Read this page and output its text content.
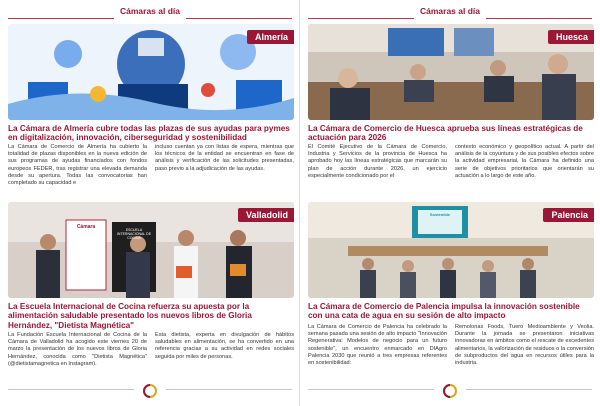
Cámaras al día
Almería
La Cámara de Almería cubre todas las plazas de sus ayudas para pymes en digitalización, innovación, ciberseguridad y sostenibilidad

La Cámara de Comercio de Almería ha cubierto la totalidad de plazas disponibles en la nueva edición de sus programas de ayudas financiados con fondos europeos FEDER, tras registrar una elevada demanda desde su apertura. Todas las convocatorias han completado su capacidad e

incluso cuentan ya con listas de espera, mientras que los técnicos de la entidad se encuentran en fase de análisis y verificación de las solicitudes presentadas, paso previo a la adjudicación de las ayudas.

Cámara	ESCUELA INTERNACIONAL DE COCINA
Valladolid
La Escuela Internacional de Cocina refuerza su apuesta por la alimentación saludable presentado los nuevos libros de Gloria Hernández, "Dietista Magnética"

La Fundación Escuela Internacional de Cocina de la Cámara de Valladolid ha acogido este viernes 20 de marzo la presentación de los nuevos libros de Gloria Hernández, conocida como "Dietista Magnética" (@dietistamagnetica en Instagram).

Esta dietista, experta en divulgación de hábitos saludables en alimentación, se ha convertido en una referencia gracias a su actividad en redes sociales seguida por miles de personas.

Cámaras al día
Huesca
La Cámara de Comercio de Huesca aprueba sus líneas estratégicas de actuación para 2026

El Comité Ejecutivo de la Cámara de Comercio, Industria y Servicios de la provincia de Huesca ha aprobado hoy las líneas estratégicas que marcarán su plan de acción durante 2026, un ejercicio especialmente condicionado por el

contexto económico y geopolítico actual. A partir del análisis de la coyuntura y de sus posibles efectos sobre la actividad empresarial, la Cámara ha definido una serie de objetivos prioritarios que orientarán su actuación a lo largo de este año.

Sostenible	Palencia
La Cámara de Comercio de Palencia impulsa la innovación sostenible con una cata de agua en su sesión de alto impacto

La Cámara de Comercio de Palencia ha celebrado la semana pasada una sesión de alto impacto "Innovación Regenerativa: Modelos de negocio para un futuro sostenible", un encuentro enmarcado en DIAgro Palencia 2030 que reunió a tres empresas referentes en sostenibilidad:

Remolonas Foods, Tuero Medioambiente y Veolia. Durante la jornada se presentaron iniciativas innovadoras en ámbitos como el rescate de excedentes alimentarios, la valorización de residuos o la conversión de subproductos del agua en recursos útiles para la industria.
